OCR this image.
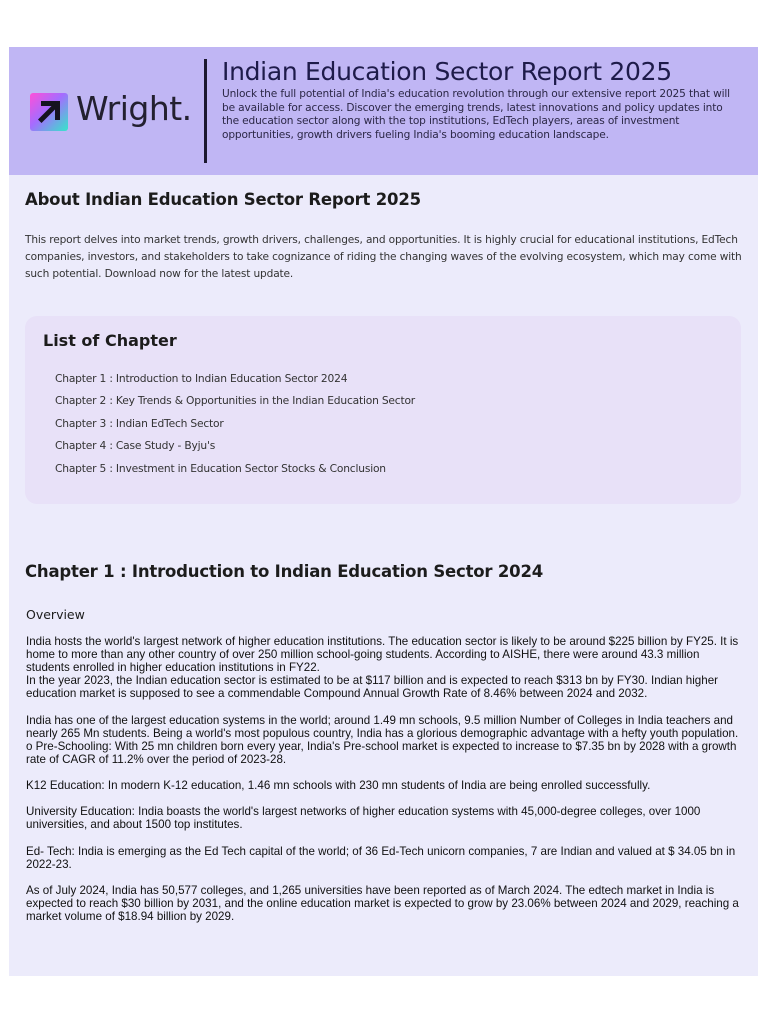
Wright.
Indian Education Sector Report 2025
Unlock the full potential of India's education revolution through our extensive report 2025 that will be available for access. Discover the emerging trends, latest innovations and policy updates into the education sector along with the top institutions, EdTech players, areas of investment opportunities, growth drivers fueling India's booming education landscape.
About Indian Education Sector Report 2025
This report delves into market trends, growth drivers, challenges, and opportunities. It is highly crucial for educational institutions, EdTech companies, investors, and stakeholders to take cognizance of riding the changing waves of the evolving ecosystem, which may come with such potential. Download now for the latest update.
List of Chapter
Chapter 1 : Introduction to Indian Education Sector 2024
Chapter 2 : Key Trends & Opportunities in the Indian Education Sector
Chapter 3 : Indian EdTech Sector
Chapter 4 : Case Study - Byju's
Chapter 5 : Investment in Education Sector Stocks & Conclusion
Chapter 1 : Introduction to Indian Education Sector 2024
Overview

India hosts the world's largest network of higher education institutions. The education sector is likely to be around $225 billion by FY25. It is home to more than any other country of over 250 million school-going students. According to AISHE, there were around 43.3 million students enrolled in higher education institutions in FY22.

In the year 2023, the Indian education sector is estimated to be at $117 billion and is expected to reach $313 bn by FY30. Indian higher education market is supposed to see a commendable Compound Annual Growth Rate of 8.46% between 2024 and 2032.

India has one of the largest education systems in the world; around 1.49 mn schools, 9.5 million Number of Colleges in India teachers and nearly 265 Mn students. Being a world's most populous country, India has a glorious demographic advantage with a hefty youth population.

o Pre-Schooling: With 25 mn children born every year, India's Pre-school market is expected to increase to $7.35 bn by 2028 with a growth rate of CAGR of 11.2% over the period of 2023-28.

K12 Education: In modern K-12 education, 1.46 mn schools with 230 mn students of India are being enrolled successfully.

University Education: India boasts the world's largest networks of higher education systems with 45,000-degree colleges, over 1000 universities, and about 1500 top institutes.

Ed- Tech: India is emerging as the Ed Tech capital of the world; of 36 Ed-Tech unicorn companies, 7 are Indian and valued at $ 34.05 bn in 2022-23.

As of July 2024, India has 50,577 colleges, and 1,265 universities have been reported as of March 2024. The edtech market in India is expected to reach $30 billion by 2031, and the online education market is expected to grow by 23.06% between 2024 and 2029, reaching a market volume of $18.94 billion by 2029.
